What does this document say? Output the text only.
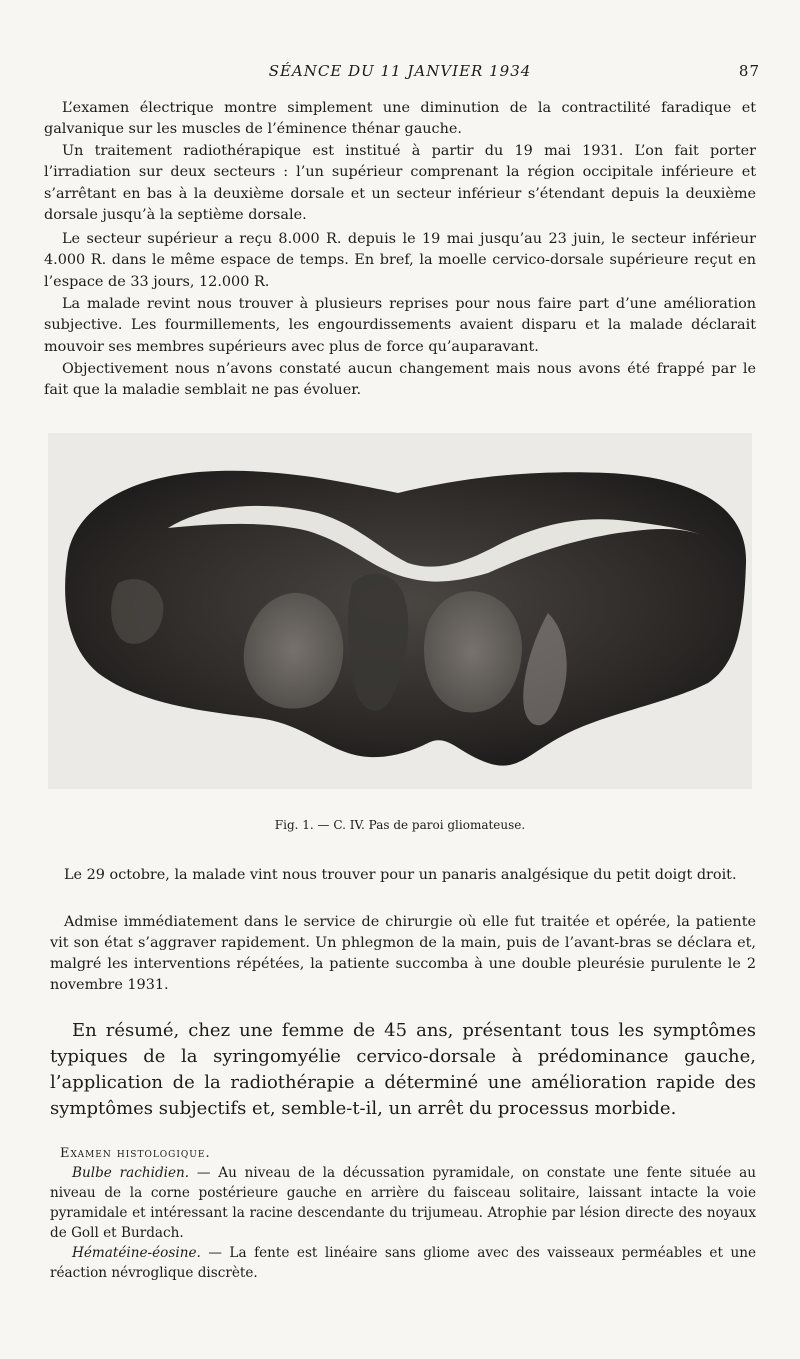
SÉANCE DU 11 JANVIER 1934	87

L’examen électrique montre simplement une diminution de la contractilité faradique et galvanique sur les muscles de l’éminence thénar gauche.

Un traitement radiothérapique est institué à partir du 19 mai 1931. L’on fait porter l’irradiation sur deux secteurs : l’un supérieur comprenant la région occipitale inférieure et s’arrêtant en bas à la deuxième dorsale et un secteur inférieur s’étendant depuis la deuxième dorsale jusqu’à la septième dorsale.

Le secteur supérieur a reçu 8.000 R. depuis le 19 mai jusqu’au 23 juin, le secteur inférieur 4.000 R. dans le même espace de temps. En bref, la moelle cervico-dorsale supérieure reçut en l’espace de 33 jours, 12.000 R.

La malade revint nous trouver à plusieurs reprises pour nous faire part d’une amélioration subjective. Les fourmillements, les engourdissements avaient disparu et la malade déclarait mouvoir ses membres supérieurs avec plus de force qu’auparavant.

Objectivement nous n’avons constaté aucun changement mais nous avons été frappé par le fait que la maladie semblait ne pas évoluer.

Fig. 1. — C. IV. Pas de paroi gliomateuse.

Le 29 octobre, la malade vint nous trouver pour un panaris analgésique du petit doigt droit.

Admise immédiatement dans le service de chirurgie où elle fut traitée et opérée, la patiente vit son état s’aggraver rapidement. Un phlegmon de la main, puis de l’avant-bras se déclara et, malgré les interventions répétées, la patiente succomba à une double pleurésie purulente le 2 novembre 1931.

En résumé, chez une femme de 45 ans, présentant tous les symptômes typiques de la syringomyélie cervico-dorsale à prédominance gauche, l’application de la radiothérapie a déterminé une amélioration rapide des symptômes subjectifs et, semble-t-il, un arrêt du processus morbide.

Examen histologique.

Bulbe rachidien. — Au niveau de la décussation pyramidale, on constate une fente située au niveau de la corne postérieure gauche en arrière du faisceau solitaire, laissant intacte la voie pyramidale et intéressant la racine descendante du trijumeau. Atrophie par lésion directe des noyaux de Goll et Burdach.

Hématéine-éosine. — La fente est linéaire sans gliome avec des vaisseaux perméables et une réaction névroglique discrète.
